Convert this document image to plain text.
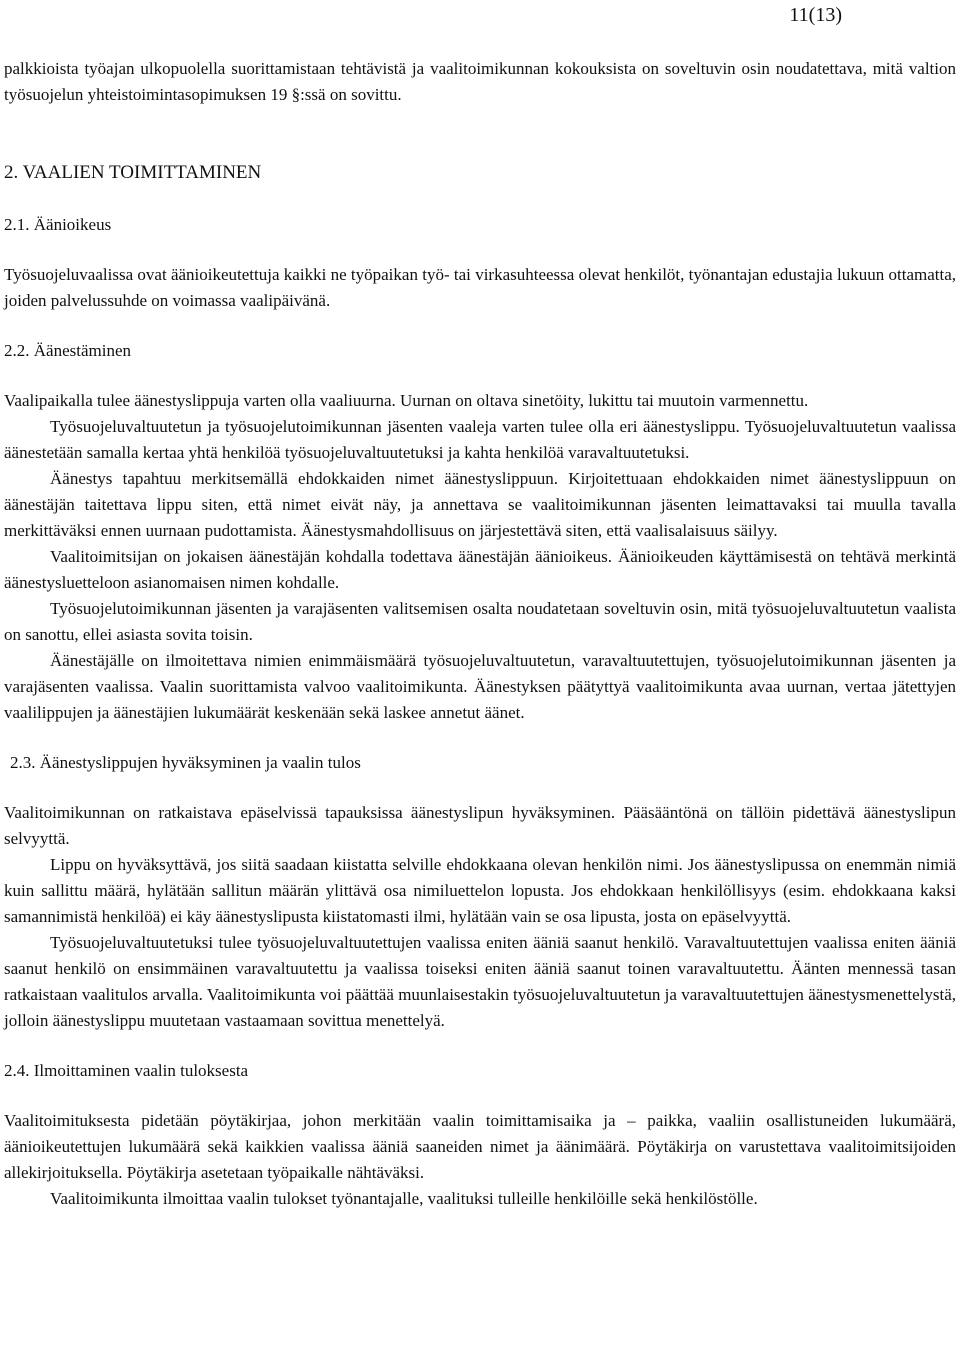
11(13)

palkkioista työajan ulkopuolella suorittamistaan tehtävistä ja vaalitoimikunnan kokouksista on soveltuvin osin noudatettava, mitä valtion työsuojelun yhteistoimintasopimuksen 19 §:ssä on sovittu.

2. VAALIEN TOIMITTAMINEN

2.1. Äänioikeus

Työsuojeluvaalissa ovat äänioikeutettuja kaikki ne työpaikan työ- tai virkasuhteessa olevat henkilöt, työnantajan edustajia lukuun ottamatta, joiden palvelussuhde on voimassa vaalipäivänä.

2.2. Äänestäminen

Vaalipaikalla tulee äänestyslippuja varten olla vaaliuurna. Uurnan on oltava sinetöity, lukittu tai muutoin varmennettu.

Työsuojeluvaltuutetun ja työsuojelutoimikunnan jäsenten vaaleja varten tulee olla eri äänestyslippu. Työsuojeluvaltuutetun vaalissa äänestetään samalla kertaa yhtä henkilöä työsuojeluvaltuutetuksi ja kahta henkilöä varavaltuutetuksi.

Äänestys tapahtuu merkitsemällä ehdokkaiden nimet äänestyslippuun. Kirjoitettuaan ehdokkaiden nimet äänestyslippuun on äänestäjän taitettava lippu siten, että nimet eivät näy, ja annettava se vaalitoimikunnan jäsenten leimattavaksi tai muulla tavalla merkittäväksi ennen uurnaan pudottamista. Äänestysmahdollisuus on järjestettävä siten, että vaalisalaisuus säilyy.

Vaalitoimitsijan on jokaisen äänestäjän kohdalla todettava äänestäjän äänioikeus. Äänioikeuden käyttämisestä on tehtävä merkintä äänestysluetteloon asianomaisen nimen kohdalle.

Työsuojelutoimikunnan jäsenten ja varajäsenten valitsemisen osalta noudatetaan soveltuvin osin, mitä työsuojeluvaltuutetun vaalista on sanottu, ellei asiasta sovita toisin.

Äänestäjälle on ilmoitettava nimien enimmäismäärä työsuojeluvaltuutetun, varavaltuutettujen, työsuojelutoimikunnan jäsenten ja varajäsenten vaalissa. Vaalin suorittamista valvoo vaalitoimikunta. Äänestyksen päätyttyä vaalitoimikunta avaa uurnan, vertaa jätettyjen vaalilippujen ja äänestäjien lukumäärät keskenään sekä laskee annetut äänet.

2.3. Äänestyslippujen hyväksyminen ja vaalin tulos

Vaalitoimikunnan on ratkaistava epäselvissä tapauksissa äänestyslipun hyväksyminen. Pääsääntönä on tällöin pidettävä äänestyslipun selvyyttä.

Lippu on hyväksyttävä, jos siitä saadaan kiistatta selville ehdokkaana olevan henkilön nimi. Jos äänestyslipussa on enemmän nimiä kuin sallittu määrä, hylätään sallitun määrän ylittävä osa nimiluettelon lopusta. Jos ehdokkaan henkilöllisyys (esim. ehdokkaana kaksi samannimistä henkilöä) ei käy äänestyslipusta kiistatomasti ilmi, hylätään vain se osa lipusta, josta on epäselvyyttä.

Työsuojeluvaltuutetuksi tulee työsuojeluvaltuutettujen vaalissa eniten ääniä saanut henkilö. Varavaltuutettujen vaalissa eniten ääniä saanut henkilö on ensimmäinen varavaltuutettu ja vaalissa toiseksi eniten ääniä saanut toinen varavaltuutettu. Äänten mennessä tasan ratkaistaan vaalitulos arvalla. Vaalitoimikunta voi päättää muunlaisestakin työsuojeluvaltuutetun ja varavaltuutettujen äänestysmenettelystä, jolloin äänestyslippu muutetaan vastaamaan sovittua menettelyä.

2.4. Ilmoittaminen vaalin tuloksesta

Vaalitoimituksesta pidetään pöytäkirjaa, johon merkitään vaalin toimittamisaika ja – paikka, vaaliin osallistuneiden lukumäärä, äänioikeutettujen lukumäärä sekä kaikkien vaalissa ääniä saaneiden nimet ja äänimäärä. Pöytäkirja on varustettava vaalitoimitsijoiden allekirjoituksella. Pöytäkirja asetetaan työpaikalle nähtäväksi.

Vaalitoimikunta ilmoittaa vaalin tulokset työnantajalle, vaalituksi tulleille henkilöille sekä henkilöstölle.
